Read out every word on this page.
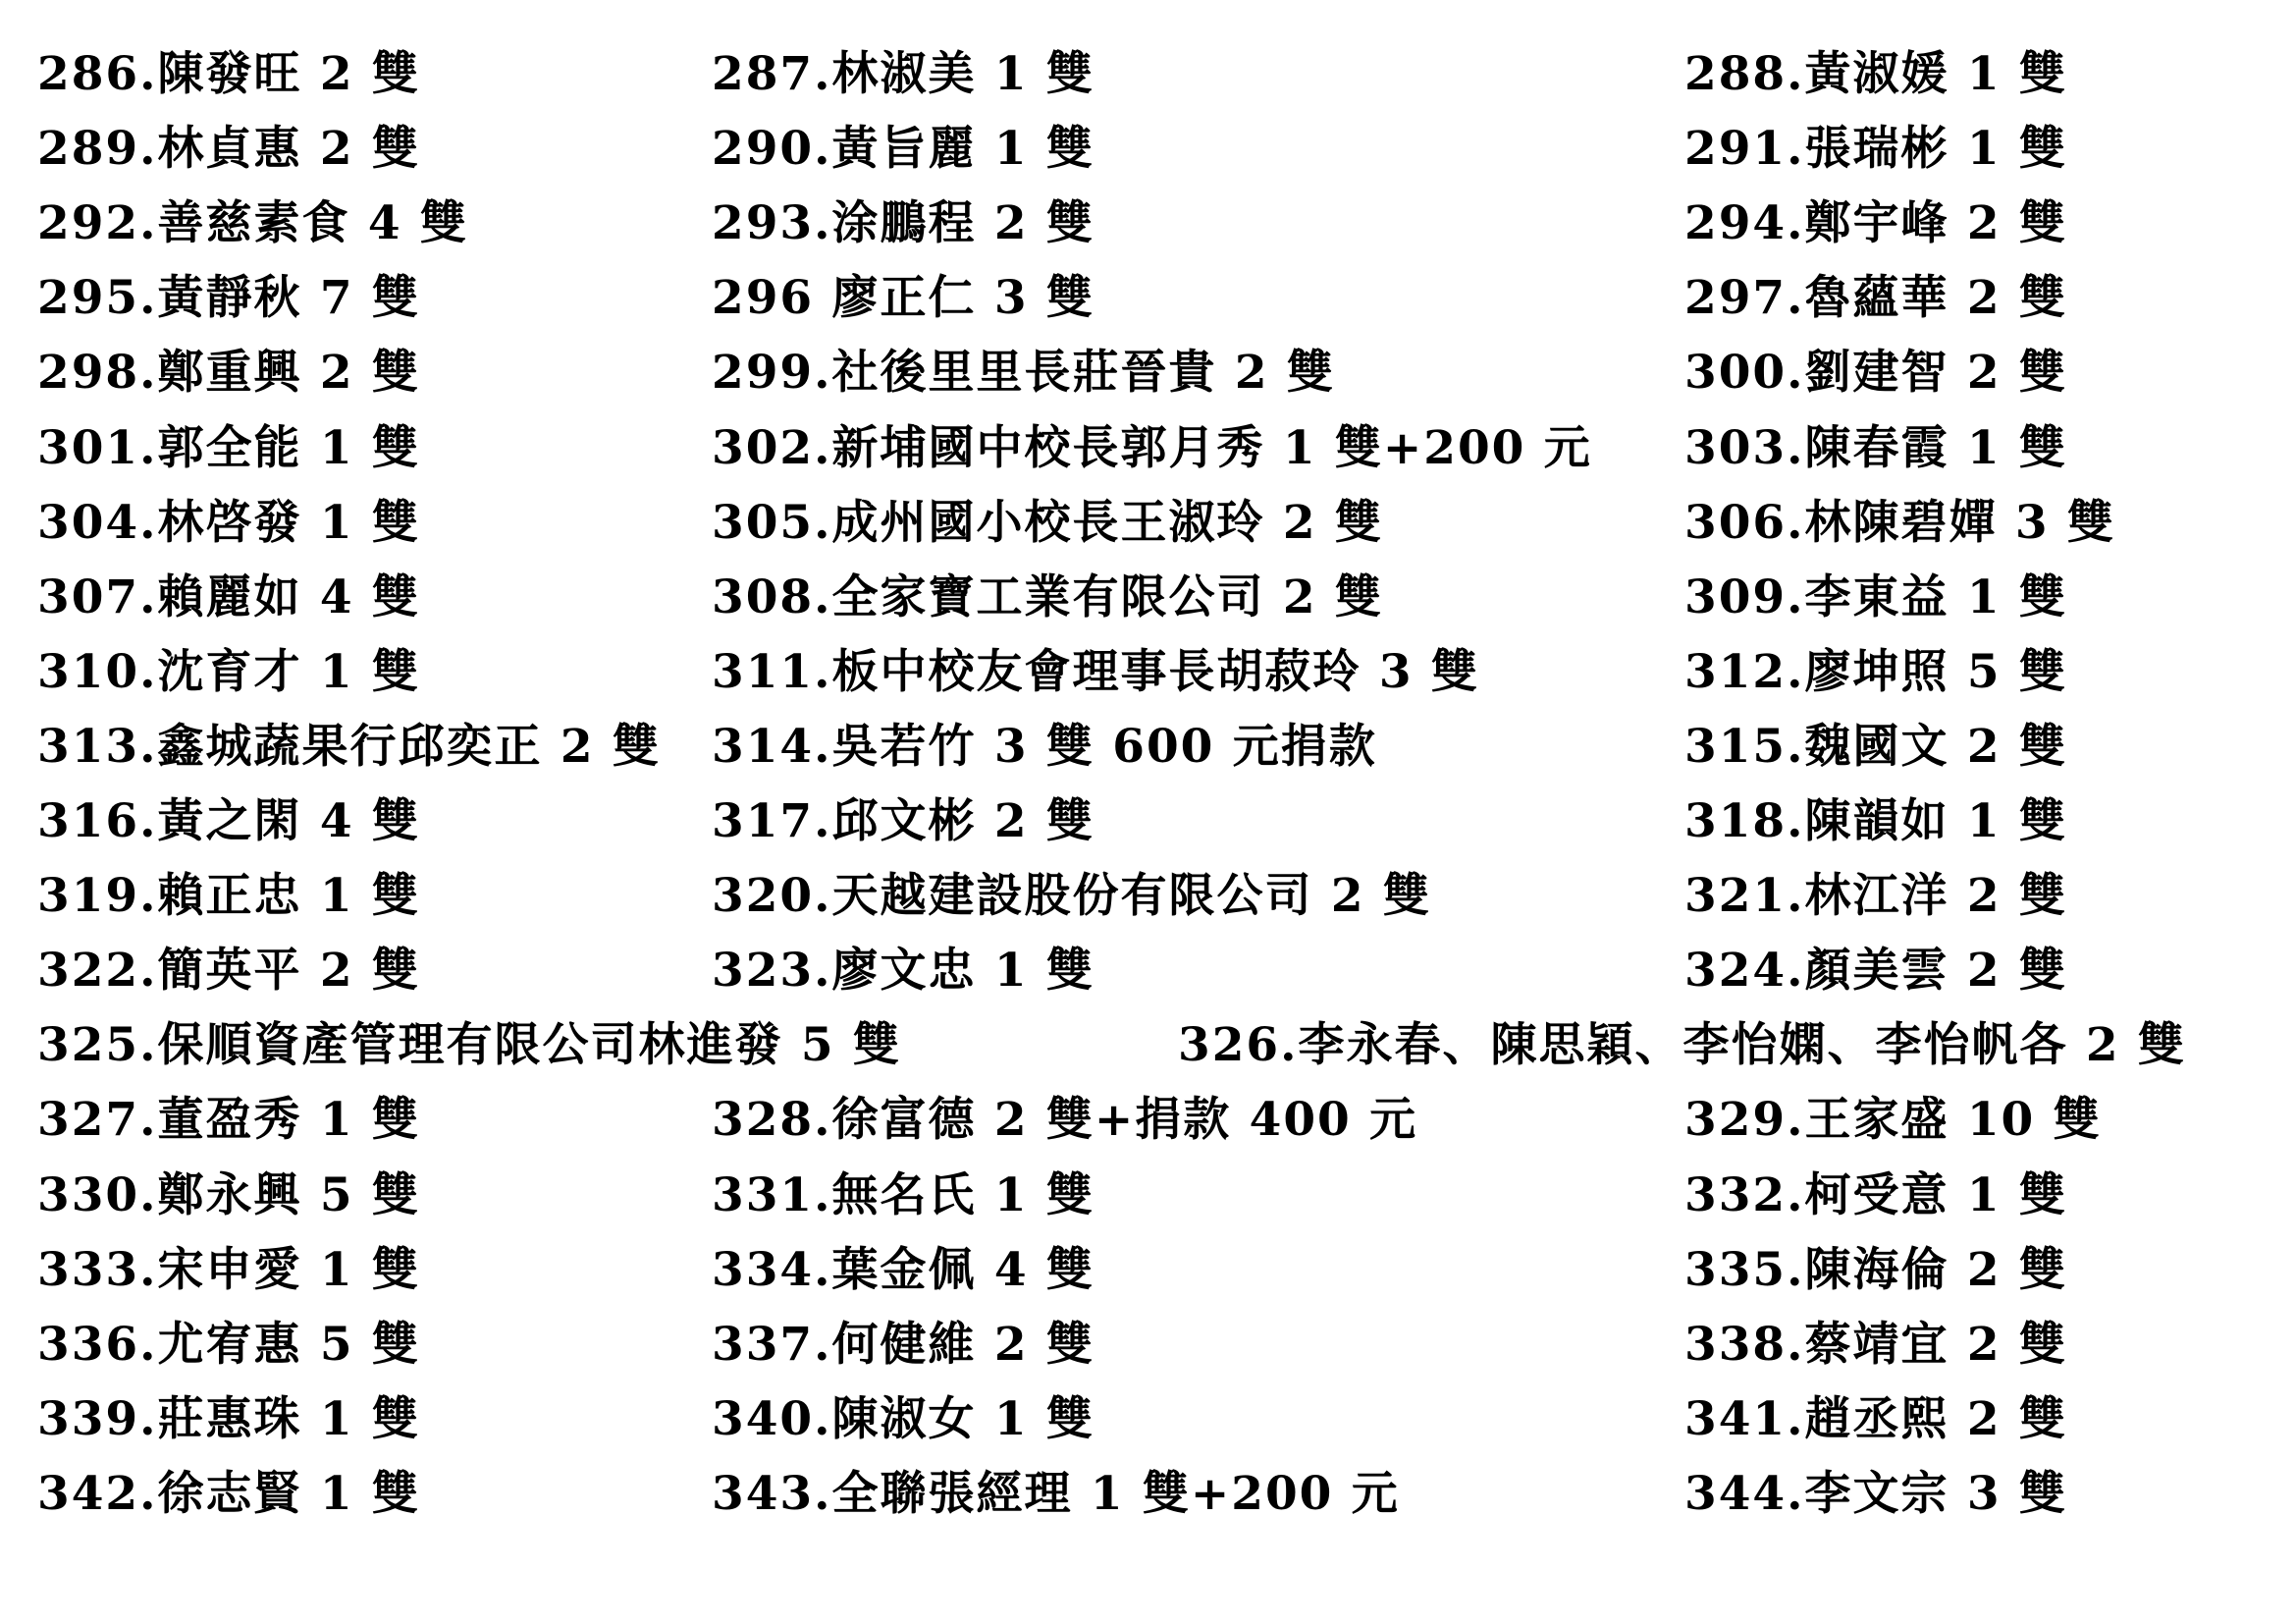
286.陳發旺 2 雙	287.林淑美 1 雙	288.黃淑媛 1 雙
289.林貞惠 2 雙	290.黃旨麗 1 雙	291.張瑞彬 1 雙
292.善慈素食 4 雙	293.涂鵬程 2 雙	294.鄭宇峰 2 雙
295.黃靜秋 7 雙	296 廖正仁 3 雙	297.魯蘊華 2 雙
298.鄭重興 2 雙	299.社後里里長莊晉貴 2 雙	300.劉建智 2 雙
301.郭全能 1 雙	302.新埔國中校長郭月秀 1 雙+200 元 303.陳春霞 1 雙
304.林啓發 1 雙	305.成州國小校長王淑玲 2 雙	306.林陳碧嬋 3 雙
307.賴麗如 4 雙	308.全家寶工業有限公司 2 雙	309.李東益 1 雙
310.沈育才 1 雙	311.板中校友會理事長胡菽玲 3 雙	312.廖坤照 5 雙
313.鑫城蔬果行邱奕正 2 雙 314.吳若竹 3 雙 600 元捐款	315.魏國文 2 雙
316.黃之閑 4 雙	317.邱文彬 2 雙	318.陳韻如 1 雙
319.賴正忠 1 雙	320.天越建設股份有限公司 2 雙	321.林江洋 2 雙
322.簡英平 2 雙	323.廖文忠 1 雙	324.顏美雲 2 雙
325.保順資產管理有限公司林進發 5 雙	326.李永春、陳思穎、李怡嫻、李怡帆各 2 雙
327.董盈秀 1 雙	328.徐富德 2 雙+捐款 400 元	329.王家盛 10 雙
330.鄭永興 5 雙	331.無名氏 1 雙	332.柯受意 1 雙
333.宋申愛 1 雙	334.葉金佩 4 雙	335.陳海倫 2 雙
336.尤宥惠 5 雙	337.何健維 2 雙	338.蔡靖宜 2 雙
339.莊惠珠 1 雙	340.陳淑女 1 雙	341.趙丞熙 2 雙
342.徐志賢 1 雙	343.全聯張經理 1 雙+200 元	344.李文宗 3 雙
